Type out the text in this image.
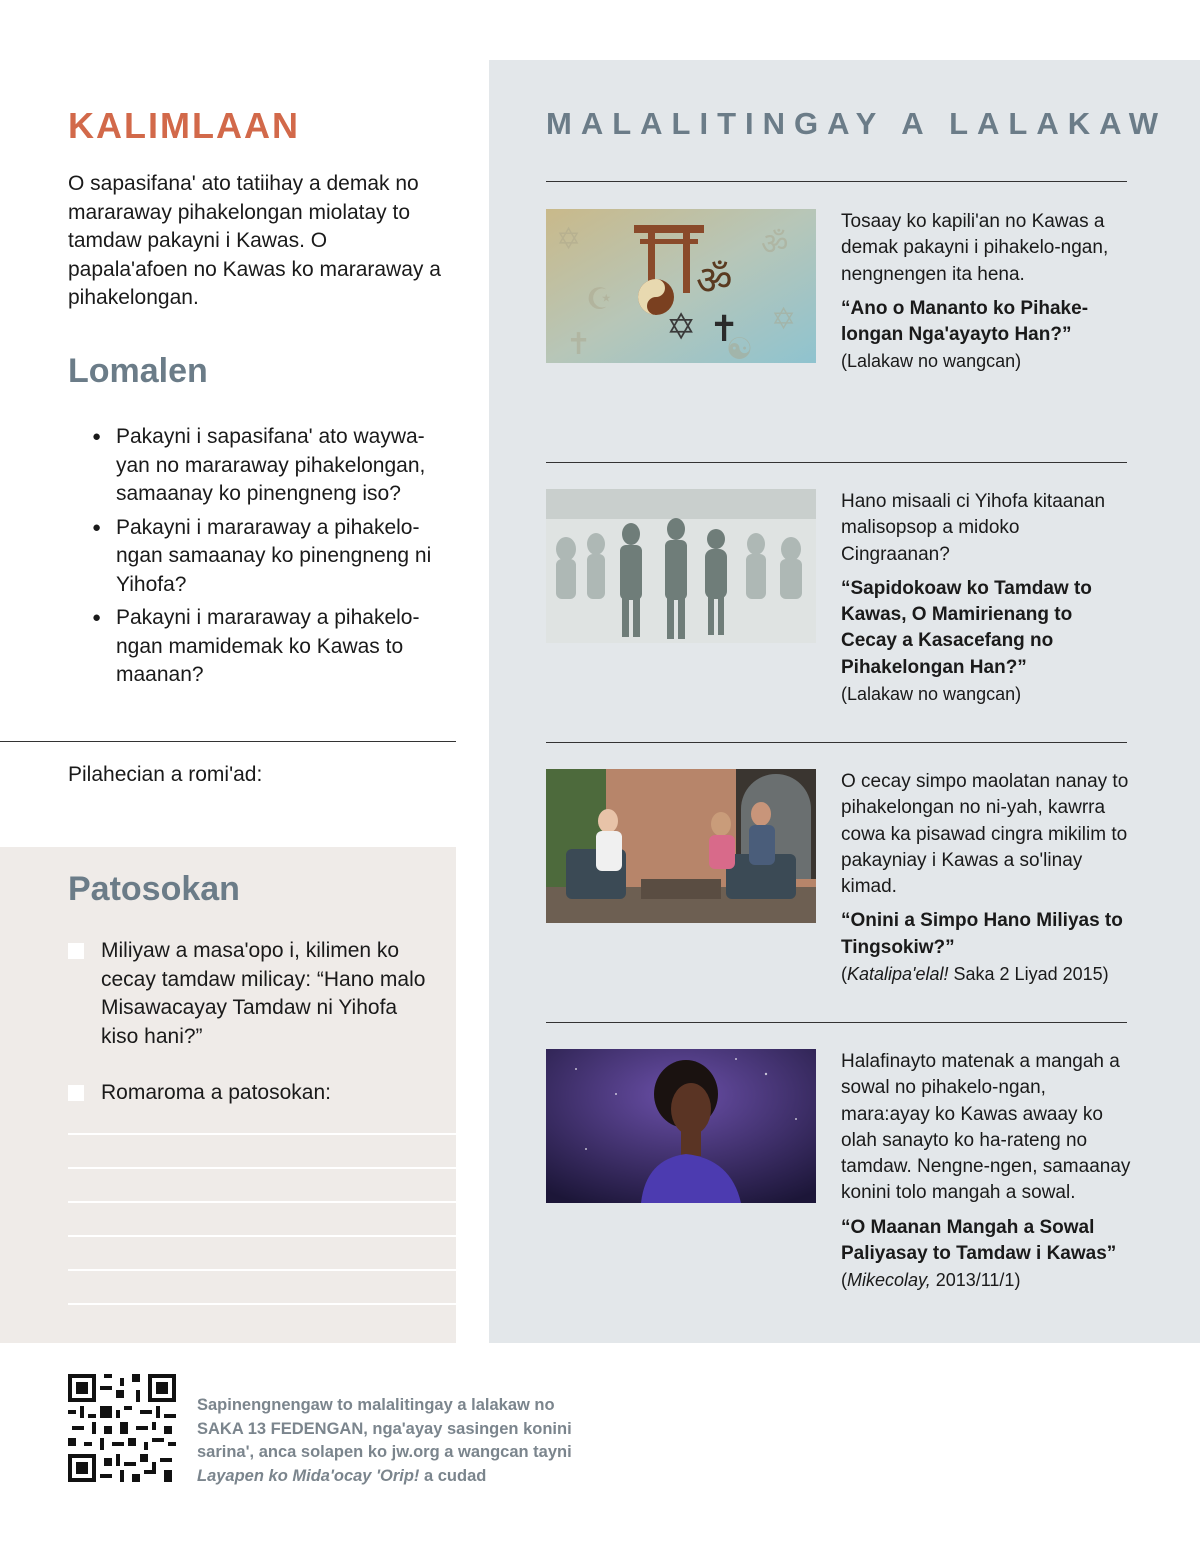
KALIMLAAN
O sapasifana' ato tatiihay a demak no mararaway pihakelongan miolatay to tamdaw pakayni i Kawas. O papala'afoen no Kawas ko mararaway a pihakelongan.
Lomalen
● Pakayni i sapasifana' ato waywa-yan no mararaway pihakelongan, samaanay ko pinengneng iso?
● Pakayni i mararaway a pihakelo-ngan samaanay ko pinengneng ni Yihofa?
● Pakayni i mararaway a pihakelo-ngan mamidemak ko Kawas to maanan?
Pilahecian a romi'ad:
Patosokan
Miliyaw a masa'opo i, kilimen ko cecay tamdaw milicay: “Hano malo Misawacayay Tamdaw ni Yihofa kiso hani?”
Romaroma a patosokan:
MALALITINGAY A LALAKAW
✡
☪
✝
ॐ
✡
☯
ॐ
✡ ✝
Tosaay ko kapili'an no Kawas a demak pakayni i pihakelo-ngan, nengnengen ita hena.
“Ano o Mananto ko Pihake-longan Nga'ayayto Han?”
(Lalakaw no wangcan)
Hano misaali ci Yihofa kitaanan malisopsop a midoko Cingraanan?
“Sapidokoaw ko Tamdaw to Kawas, O Mamirienang to Cecay a Kasacefang no Pihakelongan Han?”
(Lalakaw no wangcan)
O cecay simpo maolatan nanay to pihakelongan no ni-yah, kawrra cowa ka pisawad cingra mikilim to pakayniay i Kawas a so'linay kimad.
“Onini a Simpo Hano Miliyas to Tingsokiw?”
(Katalipa'elal! Saka 2 Liyad 2015)
Halafinayto matenak a mangah a sowal no pihakelo-ngan, mara:ayay ko Kawas awaay ko olah sanayto ko ha-rateng no tamdaw. Nengne-ngen, samaanay konini tolo mangah a sowal.
“O Maanan Mangah a Sowal Paliyasay to Tamdaw i Kawas”
(Mikecolay, 2013/11/1)
Sapinengnengaw to malalitingay a lalakaw no SAKA 13 FEDENGAN, nga'ayay sasingen konini sarina', anca solapen ko jw.org a wangcan tayni Layapen ko Mida'ocay 'Orip! a cudad
